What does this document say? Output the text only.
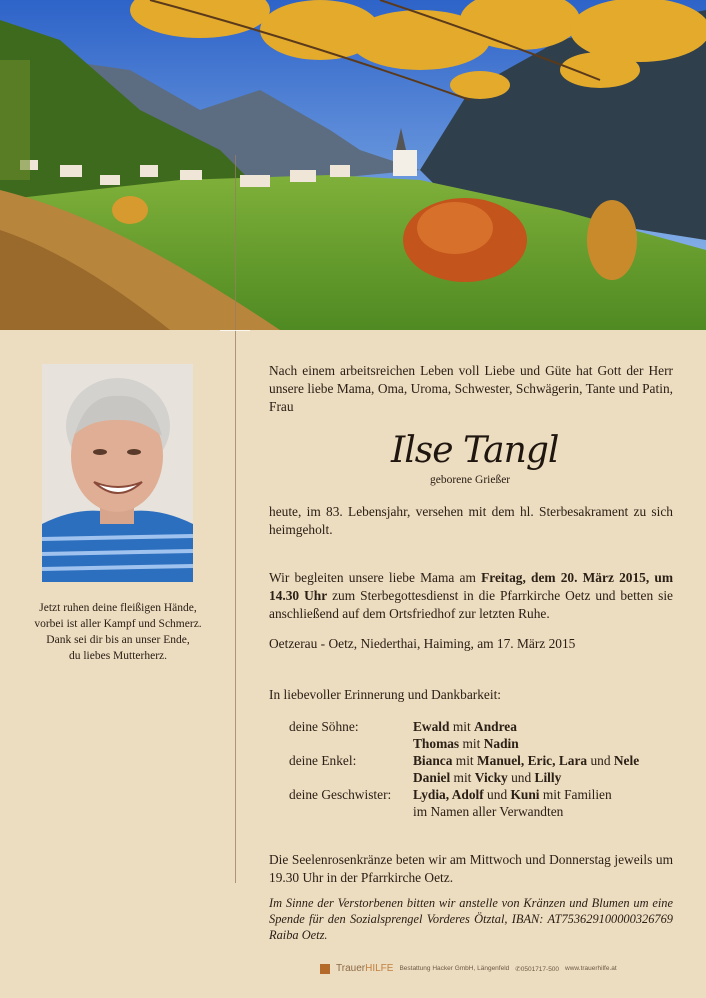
Jetzt ruhen deine fleißigen Hände,
vorbei ist aller Kampf und Schmerz.
Dank sei dir bis an unser Ende,
du liebes Mutterherz.
Nach einem arbeitsreichen Leben voll Liebe und Güte hat Gott der Herr unsere liebe Mama, Oma, Uroma, Schwester, Schwägerin, Tante und Patin, Frau
Ilse Tangl
geborene Grießer
heute, im 83. Lebensjahr, versehen mit dem hl. Sterbesakrament zu sich heimgeholt.
Wir begleiten unsere liebe Mama am Freitag, dem 20. März 2015, um 14.30 Uhr zum Sterbegottesdienst in die Pfarrkirche Oetz und betten sie anschließend auf dem Ortsfriedhof zur letzten Ruhe.
Oetzerau - Oetz, Niederthai, Haiming, am 17. März 2015
In liebevoller Erinnerung und Dankbarkeit:
deine Söhne:	Ewald mit Andrea
Thomas mit Nadin
deine Enkel:	Bianca mit Manuel, Eric, Lara und Nele
Daniel mit Vicky und Lilly
deine Geschwister:	Lydia, Adolf und Kuni mit Familien
im Namen aller Verwandten
Die Seelenrosenkränze beten wir am Mittwoch und Donnerstag jeweils um 19.30 Uhr in der Pfarrkirche Oetz.
Im Sinne der Verstorbenen bitten wir anstelle von Kränzen und Blumen um eine Spende für den Sozialsprengel Vorderes Ötztal, IBAN: AT753629100000326769 Raiba Oetz.
TrauerHILFE Bestattung Hacker GmbH, Längenfeld ✆0501717-500 www.trauerhilfe.at
